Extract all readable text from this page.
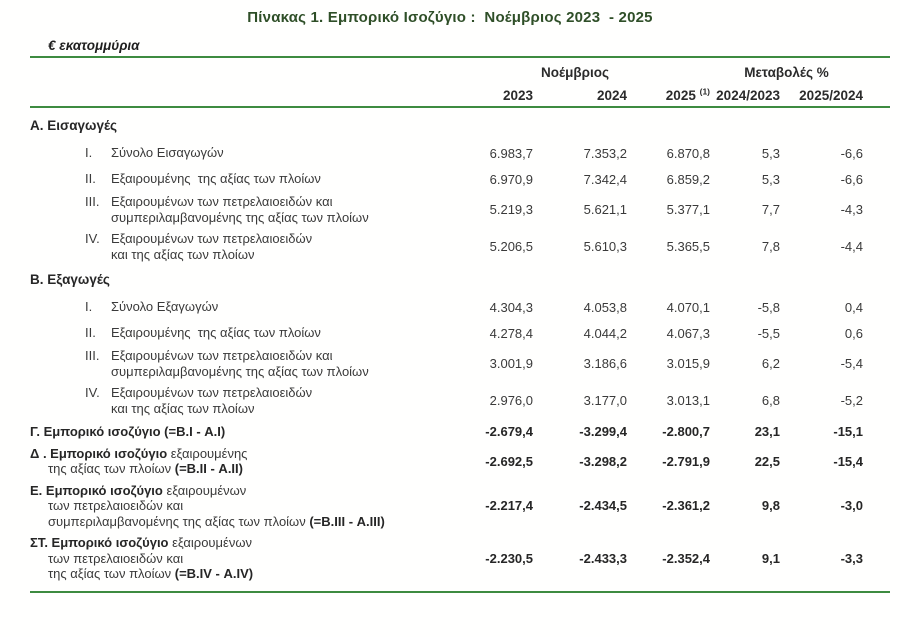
Πίνακας 1. Εμπορικό Ισοζύγιο :  Νοέμβριος 2023  - 2025
€ εκατομμύρια
Νοέμβριος	Μεταβολές %
2023	2024	2025 $^{(1)}$ 2024/2023	2025/2024
Α. Εισαγωγές
I.	Σύνολο Εισαγωγών	6.983,7	7.353,2	6.870,8	5,3	-6,6
II.	Εξαιρουμένης  της αξίας των πλοίων	6.970,9	7.342,4	6.859,2	5,3	-6,6
III. Εξαιρουμένων των πετρελαιοειδών και
συμπεριλαμβανομένης της αξίας των πλοίων	5.219,3	5.621,1	5.377,1	7,7	-4,3
IV. Εξαιρουμένων των πετρελαιοειδών
και της αξίας των πλοίων	5.206,5	5.610,3	5.365,5	7,8	-4,4
Β. Εξαγωγές
I.	Σύνολο Εξαγωγών	4.304,3	4.053,8	4.070,1	-5,8	0,4
II.	Εξαιρουμένης  της αξίας των πλοίων	4.278,4	4.044,2	4.067,3	-5,5	0,6
III. Εξαιρουμένων των πετρελαιοειδών και
συμπεριλαμβανομένης της αξίας των πλοίων	3.001,9	3.186,6	3.015,9	6,2	-5,4
IV. Εξαιρουμένων των πετρελαιοειδών
και της αξίας των πλοίων	2.976,0	3.177,0	3.013,1	6,8	-5,2
Γ. Εμπορικό ισοζύγιο (=Β.I - Α.I)	-2.679,4	-3.299,4	-2.800,7	23,1	-15,1
Δ . Εμπορικό ισοζύγιο εξαιρουμένης
της αξίας των πλοίων (=Β.II - Α.II)	-2.692,5	-3.298,2	-2.791,9	22,5	-15,4
Ε. Εμπορικό ισοζύγιο εξαιρουμένων
των πετρελαιοειδών και
συμπεριλαμβανομένης της αξίας των πλοίων (=Β.III - Α.III)
-2.217,4	-2.434,5	-2.361,2	9,8	-3,0
ΣΤ. Εμπορικό ισοζύγιο εξαιρουμένων
των πετρελαιοειδών και
της αξίας των πλοίων (=Β.IV - Α.IV)
-2.230,5	-2.433,3	-2.352,4	9,1	-3,3
